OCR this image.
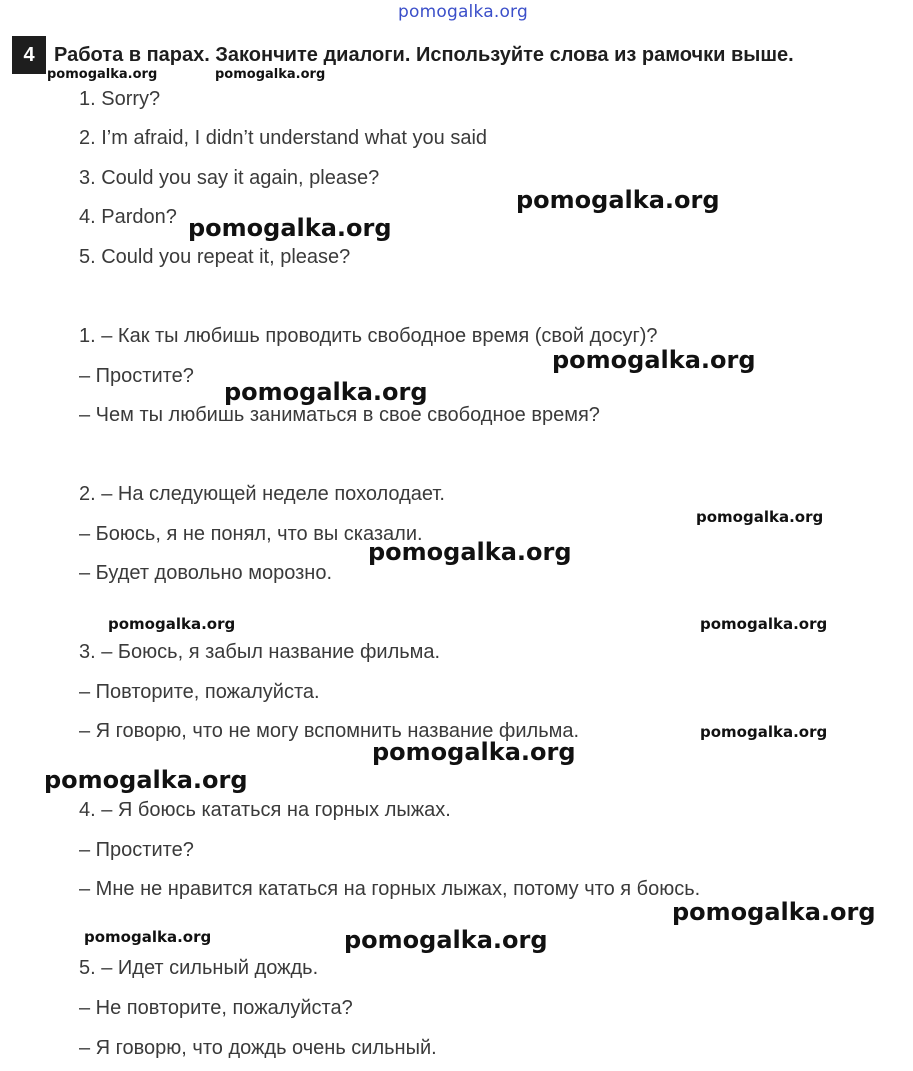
pomogalka.org
4 Работа в парах. Закончите диалоги. Используйте слова из рамочки выше.
1. Sorry?
2. I’m afraid, I didn’t understand what you said
3. Could you say it again, please?
4. Pardon?
5. Could you repeat it, please?
1. – Как ты любишь проводить свободное время (свой досуг)?
– Простите?
– Чем ты любишь заниматься в свое свободное время?
2. – На следующей неделе похолодает.
– Боюсь, я не понял, что вы сказали.
– Будет довольно морозно.
3. – Боюсь, я забыл название фильма.
– Повторите, пожалуйста.
– Я говорю, что не могу вспомнить название фильма.
4. – Я боюсь кататься на горных лыжах.
– Простите?
– Мне не нравится кататься на горных лыжах, потому что я боюсь.
5. – Идет сильный дождь.
– Не повторите, пожалуйста?
– Я говорю, что дождь очень сильный.
pomogalka.org	pomogalka.org
pomogalka.org
pomogalka.org
pomogalka.org
pomogalka.org
pomogalka.org
pomogalka.org
pomogalka.org	pomogalka.org
pomogalka.org
pomogalka.org
pomogalka.org
pomogalka.org
pomogalka.org	pomogalka.org
